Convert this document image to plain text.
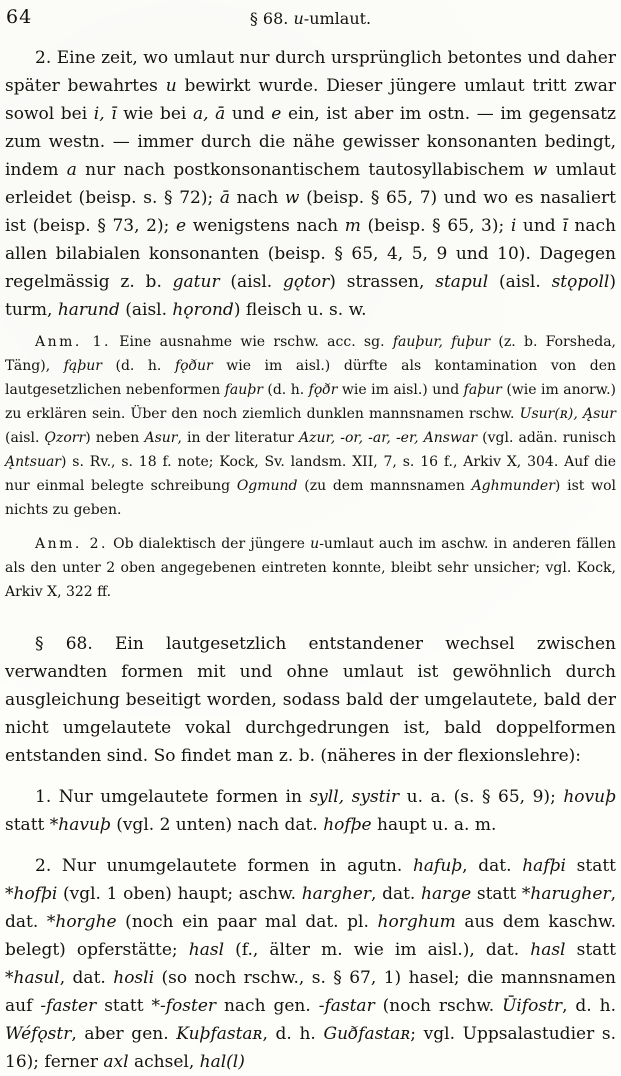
64	§ 68. u-umlaut.

2. Eine zeit, wo umlaut nur durch ursprünglich betontes und daher später bewahrtes u bewirkt wurde. Dieser jüngere umlaut tritt zwar sowol bei i, ī wie bei a, ā und e ein, ist aber im ostn. — im gegensatz zum westn. — immer durch die nähe gewisser konsonanten bedingt, indem a nur nach postkonsonantischem tautosyllabischem w umlaut erleidet (beisp. s. § 72); ā nach w (beisp. § 65, 7) und wo es nasaliert ist (beisp. § 73, 2); e wenigstens nach m (beisp. § 65, 3); i und ī nach allen bilabialen konsonanten (beisp. § 65, 4, 5, 9 und 10). Dagegen regelmässig z. b. gatur (aisl. gǫtor) strassen, stapul (aisl. stǫpoll) turm, harund (aisl. hǫrond) fleisch u. s. w.

Anm. 1. Eine ausnahme wie rschw. acc. sg. fauþur, fuþur (z. b. Forsheda, Täng), fąþur (d. h. fǫður wie im aisl.) dürfte als kontamination von den lautgesetzlichen nebenformen fauþr (d. h. fǫðr wie im aisl.) und faþur (wie im anorw.) zu erklären sein. Über den noch ziemlich dunklen mannsnamen rschw. Usur(ʀ), Ąsur (aisl. Ǫzorr) neben Asur, in der literatur Azur, -or, -ar, -er, Answar (vgl. adän. runisch Ąntsuar) s. Rv., s. 18 f. note; Kock, Sv. landsm. XII, 7, s. 16 f., Arkiv X, 304. Auf die nur einmal belegte schreibung Ogmund (zu dem mannsnamen Aghmunder) ist wol nichts zu geben.

Anm. 2. Ob dialektisch der jüngere u-umlaut auch im aschw. in anderen fällen als den unter 2 oben angegebenen eintreten konnte, bleibt sehr unsicher; vgl. Kock, Arkiv X, 322 ff.

§ 68. Ein lautgesetzlich entstandener wechsel zwischen verwandten formen mit und ohne umlaut ist gewöhnlich durch ausgleichung beseitigt worden, sodass bald der umgelautete, bald der nicht umgelautete vokal durchgedrungen ist, bald doppelformen entstanden sind. So findet man z. b. (näheres in der flexionslehre):

1. Nur umgelautete formen in syll, systir u. a. (s. § 65, 9); hovuþ statt *havuþ (vgl. 2 unten) nach dat. hofþe haupt u. a. m.

2. Nur unumgelautete formen in agutn. hafuþ, dat. hafþi statt *hofþi (vgl. 1 oben) haupt; aschw. hargher, dat. harge statt *harugher, dat. *horghe (noch ein paar mal dat. pl. horghum aus dem kaschw. belegt) opferstätte; hasl (f., älter m. wie im aisl.), dat. hasl statt *hasul, dat. hosli (so noch rschw., s. § 67, 1) hasel; die mannsnamen auf -faster statt *-foster nach gen. -fastar (noch rschw. Ūifostr, d. h. Wéfǫstr, aber gen. Kuþfastaʀ, d. h. Guðfastaʀ; vgl. Uppsalastudier s. 16); ferner axl achsel, hal(l)
